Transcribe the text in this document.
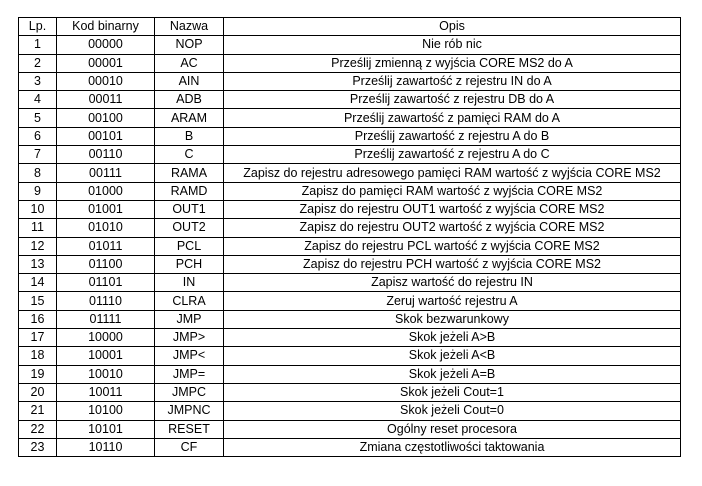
Lp.	Kod binarny	Nazwa	Opis
1	00000	NOP	Nie rób nic
2	00001	AC	Prześlij zmienną z wyjścia CORE MS2 do A
3	00010	AIN	Prześlij zawartość z rejestru IN do A
4	00011	ADB	Prześlij zawartość z rejestru DB do A
5	00100	ARAM	Prześlij zawartość z pamięci RAM do A
6	00101	B	Prześlij zawartość z rejestru A do B
7	00110	C	Prześlij zawartość z rejestru A do C
8	00111	RAMA	Zapisz do rejestru adresowego pamięci RAM wartość z wyjścia CORE MS2
9	01000	RAMD	Zapisz do pamięci RAM wartość z wyjścia CORE MS2
10	01001	OUT1	Zapisz do rejestru OUT1 wartość z wyjścia CORE MS2
11	01010	OUT2	Zapisz do rejestru OUT2 wartość z wyjścia CORE MS2
12	01011	PCL	Zapisz do rejestru PCL wartość z wyjścia CORE MS2
13	01100	PCH	Zapisz do rejestru PCH wartość z wyjścia CORE MS2
14	01101	IN	Zapisz wartość do rejestru IN
15	01110	CLRA	Zeruj wartość rejestru A
16	01111	JMP	Skok bezwarunkowy
17	10000	JMP>	Skok jeżeli A>B
18	10001	JMP<	Skok jeżeli A<B
19	10010	JMP=	Skok jeżeli A=B
20	10011	JMPC	Skok jeżeli Cout=1
21	10100	JMPNC	Skok jeżeli Cout=0
22	10101	RESET	Ogólny reset procesora
23	10110	CF	Zmiana częstotliwości taktowania
